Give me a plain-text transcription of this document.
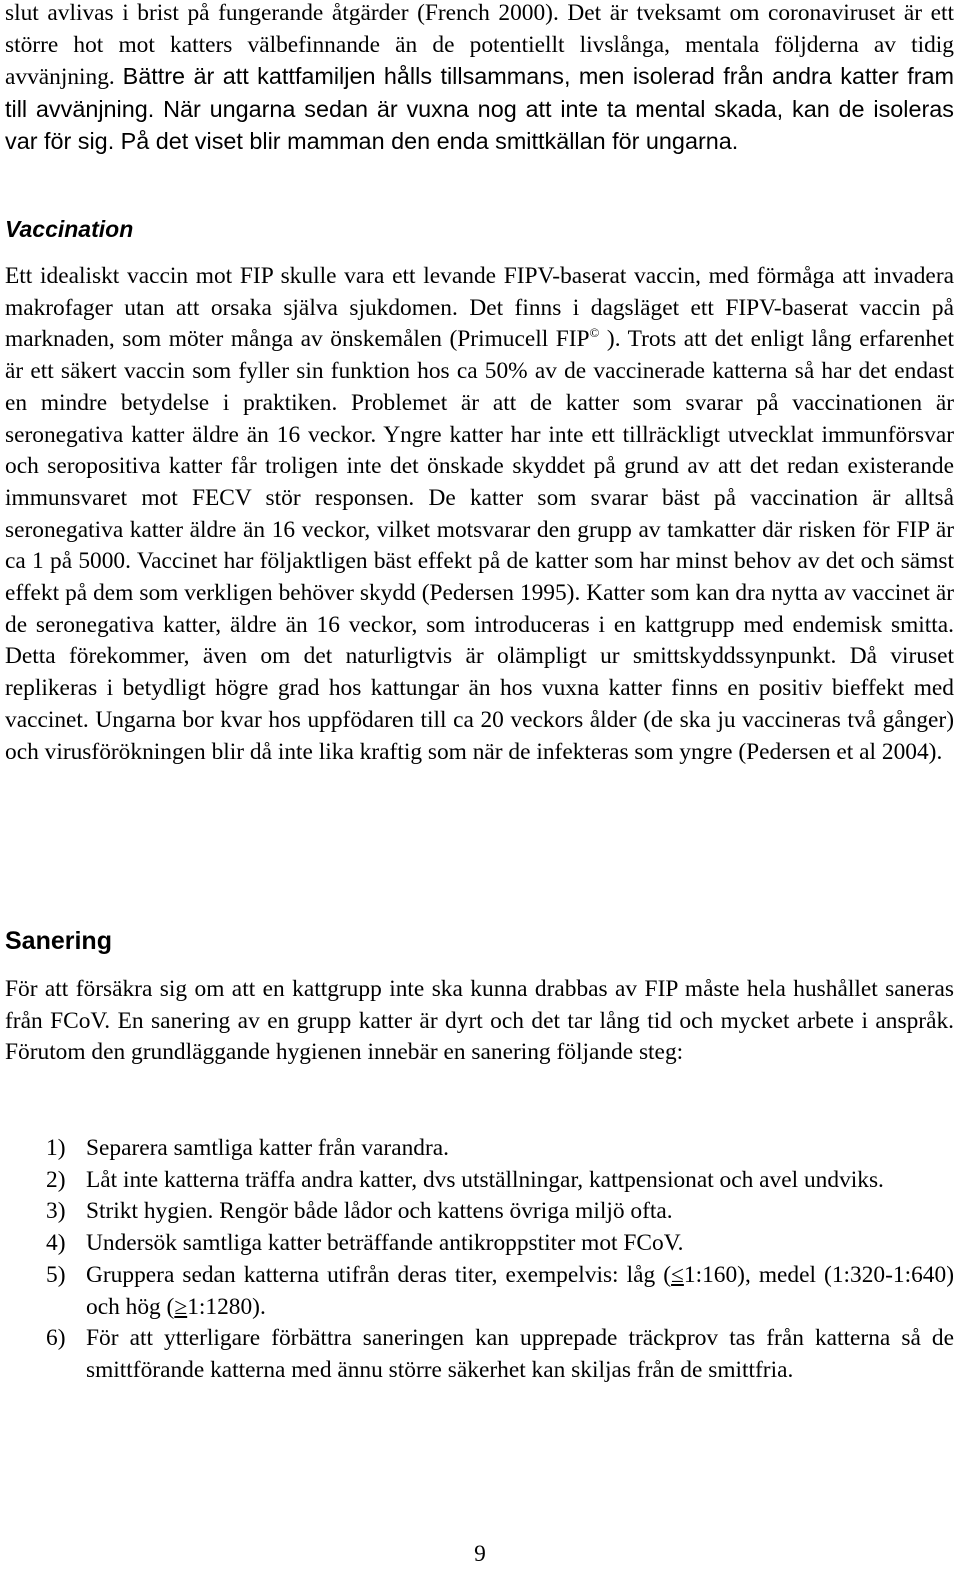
slut avlivas i brist på fungerande åtgärder (French 2000). Det är tveksamt om coronaviruset är ett större hot mot katters välbefinnande än de potentiellt livslånga, mentala följderna av tidig avvänjning. Bättre är att kattfamiljen hålls tillsammans, men isolerad från andra katter fram till avvänjning. När ungarna sedan är vuxna nog att inte ta mental skada, kan de isoleras var för sig. På det viset blir mamman den enda smittkällan för ungarna.

Vaccination

Ett idealiskt vaccin mot FIP skulle vara ett levande FIPV-baserat vaccin, med förmåga att invadera makrofager utan att orsaka själva sjukdomen. Det finns i dagsläget ett FIPV-baserat vaccin på marknaden, som möter många av önskemålen (Primucell FIP© ). Trots att det enligt lång erfarenhet är ett säkert vaccin som fyller sin funktion hos ca 50% av de vaccinerade katterna så har det endast en mindre betydelse i praktiken. Problemet är att de katter som svarar på vaccinationen är seronegativa katter äldre än 16 veckor. Yngre katter har inte ett tillräckligt utvecklat immunförsvar och seropositiva katter får troligen inte det önskade skyddet på grund av att det redan existerande immunsvaret mot FECV stör responsen. De katter som svarar bäst på vaccination är alltså seronegativa katter äldre än 16 veckor, vilket motsvarar den grupp av tamkatter där risken för FIP är ca 1 på 5000. Vaccinet har följaktligen bäst effekt på de katter som har minst behov av det och sämst effekt på dem som verkligen behöver skydd (Pedersen 1995). Katter som kan dra nytta av vaccinet är de seronegativa katter, äldre än 16 veckor, som introduceras i en kattgrupp med endemisk smitta. Detta förekommer, även om det naturligtvis är olämpligt ur smittskyddssynpunkt. Då viruset replikeras i betydligt högre grad hos kattungar än hos vuxna katter finns en positiv bieffekt med vaccinet. Ungarna bor kvar hos uppfödaren till ca 20 veckors ålder (de ska ju vaccineras två gånger) och virusförökningen blir då inte lika kraftig som när de infekteras som yngre (Pedersen et al 2004).

Sanering

För att försäkra sig om att en kattgrupp inte ska kunna drabbas av FIP måste hela hushållet saneras från FCoV. En sanering av en grupp katter är dyrt och det tar lång tid och mycket arbete i anspråk. Förutom den grundläggande hygienen innebär en sanering följande steg:

1) Separera samtliga katter från varandra.
2) Låt inte katterna träffa andra katter, dvs utställningar, kattpensionat och avel undviks.
3) Strikt hygien. Rengör både lådor och kattens övriga miljö ofta.
4) Undersök samtliga katter beträffande antikroppstiter mot FCoV.
5) Gruppera sedan katterna utifrån deras titer, exempelvis: låg (≤1:160), medel (1:320-1:640) och hög (≥1:1280).
6) För att ytterligare förbättra saneringen kan upprepade träckprov tas från katterna så de smittförande katterna med ännu större säkerhet kan skiljas från de smittfria.
9
